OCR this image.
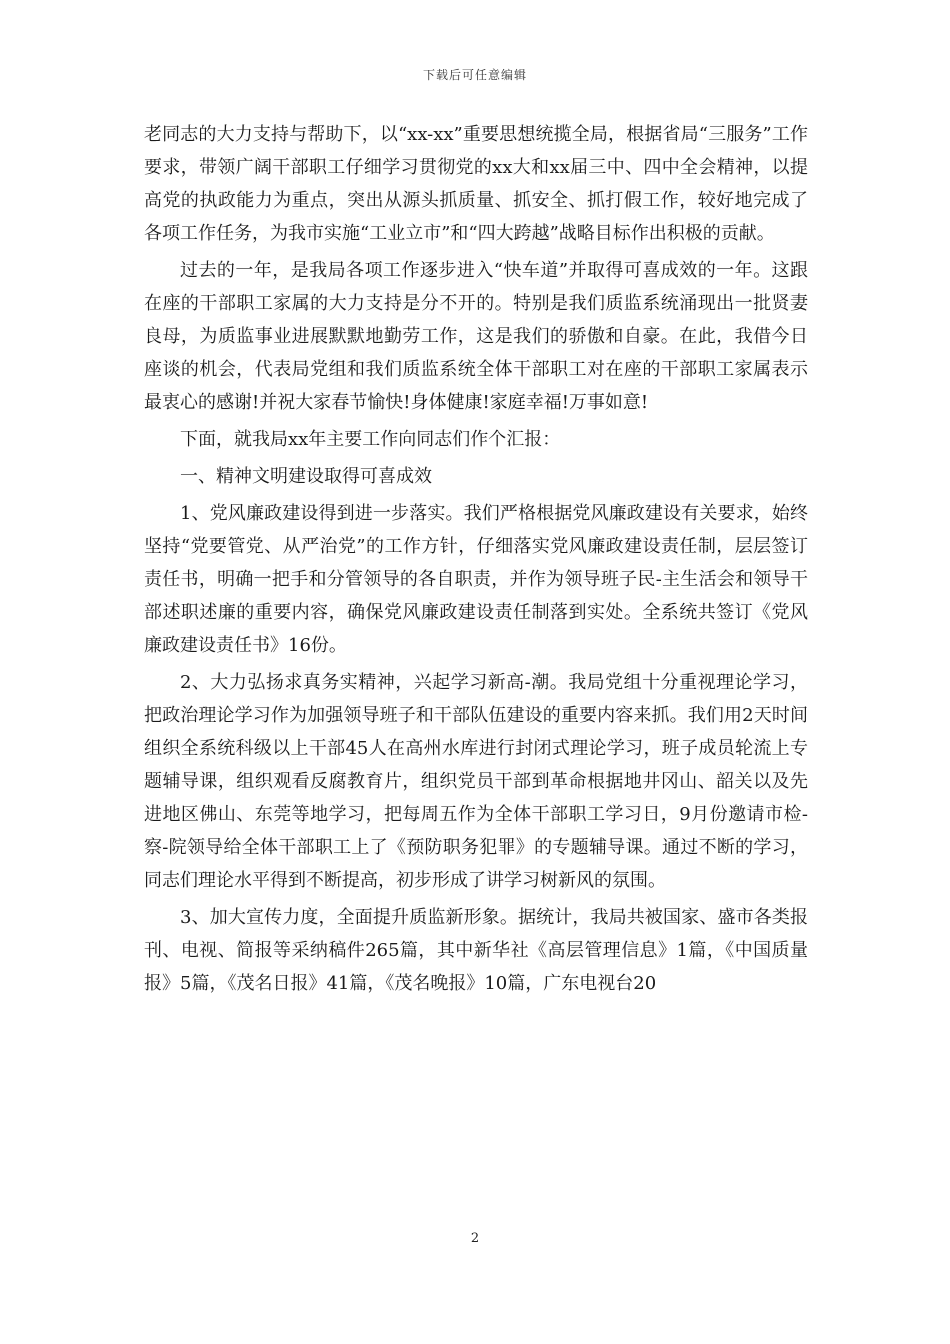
下载后可任意编辑

老同志的大力支持与帮助下，以“xx-xx”重要思想统揽全局，根据省局“三服务”工作要求，带领广阔干部职工仔细学习贯彻党的xx大和xx届三中、四中全会精神，以提高党的执政能力为重点，突出从源头抓质量、抓安全、抓打假工作，较好地完成了各项工作任务，为我市实施“工业立市”和“四大跨越”战略目标作出积极的贡献。

过去的一年，是我局各项工作逐步进入“快车道”并取得可喜成效的一年。这跟在座的干部职工家属的大力支持是分不开的。特别是我们质监系统涌现出一批贤妻良母，为质监事业进展默默地勤劳工作，这是我们的骄傲和自豪。在此，我借今日座谈的机会，代表局党组和我们质监系统全体干部职工对在座的干部职工家属表示最衷心的感谢!并祝大家春节愉快!身体健康!家庭幸福!万事如意!

下面，就我局xx年主要工作向同志们作个汇报：

一、精神文明建设取得可喜成效

1、党风廉政建设得到进一步落实。我们严格根据党风廉政建设有关要求，始终坚持“党要管党、从严治党”的工作方针，仔细落实党风廉政建设责任制，层层签订责任书，明确一把手和分管领导的各自职责，并作为领导班子民-主生活会和领导干部述职述廉的重要内容，确保党风廉政建设责任制落到实处。全系统共签订《党风廉政建设责任书》16份。

2、大力弘扬求真务实精神，兴起学习新高-潮。我局党组十分重视理论学习，把政治理论学习作为加强领导班子和干部队伍建设的重要内容来抓。我们用2天时间组织全系统科级以上干部45人在高州水库进行封闭式理论学习，班子成员轮流上专题辅导课，组织观看反腐教育片，组织党员干部到革命根据地井冈山、韶关以及先进地区佛山、东莞等地学习，把每周五作为全体干部职工学习日，9月份邀请市检-察-院领导给全体干部职工上了《预防职务犯罪》的专题辅导课。通过不断的学习，同志们理论水平得到不断提高，初步形成了讲学习树新风的氛围。

3、加大宣传力度，全面提升质监新形象。据统计，我局共被国家、盛市各类报刊、电视、简报等采纳稿件265篇，其中新华社《高层管理信息》1篇，《中国质量报》5篇，《茂名日报》41篇，《茂名晚报》10篇，广东电视台20

2
